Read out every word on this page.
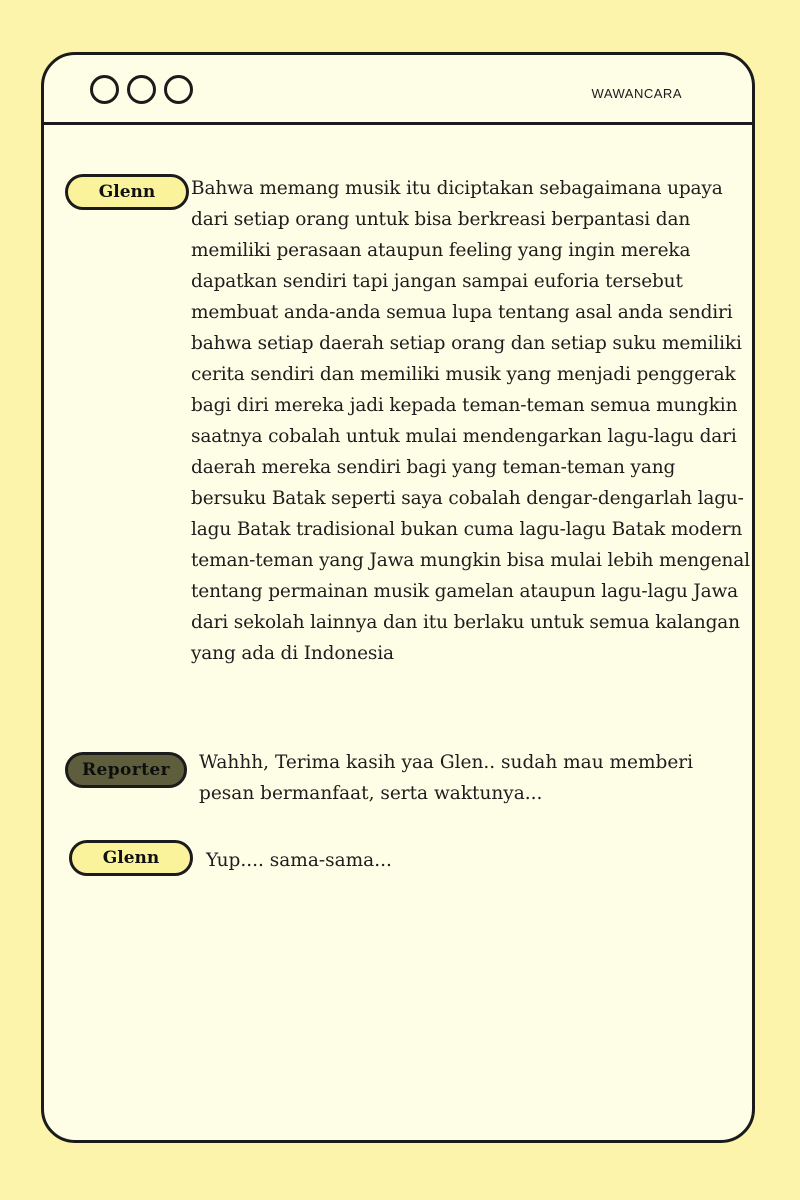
WAWANCARA
Glenn Bahwa memang musik itu diciptakan sebagaimana upaya dari setiap orang untuk bisa berkreasi berpantasi dan memiliki perasaan ataupun feeling yang ingin mereka dapatkan sendiri tapi jangan sampai euforia tersebut membuat anda-anda semua lupa tentang asal anda sendiri bahwa setiap daerah setiap orang dan setiap suku memiliki cerita sendiri dan memiliki musik yang menjadi penggerak bagi diri mereka jadi kepada teman-teman semua mungkin saatnya cobalah untuk mulai mendengarkan lagu-lagu dari daerah mereka sendiri bagi yang teman-teman yang bersuku Batak seperti saya cobalah dengar-dengarlah lagu-lagu Batak tradisional bukan cuma lagu-lagu Batak modern teman-teman yang Jawa mungkin bisa mulai lebih mengenal tentang permainan musik gamelan ataupun lagu-lagu Jawa dari sekolah lainnya dan itu berlaku untuk semua kalangan yang ada di Indonesia
Reporter Wahhh, Terima kasih yaa Glen.. sudah mau memberi pesan bermanfaat, serta waktunya...
Glenn	Yup.... sama-sama...
